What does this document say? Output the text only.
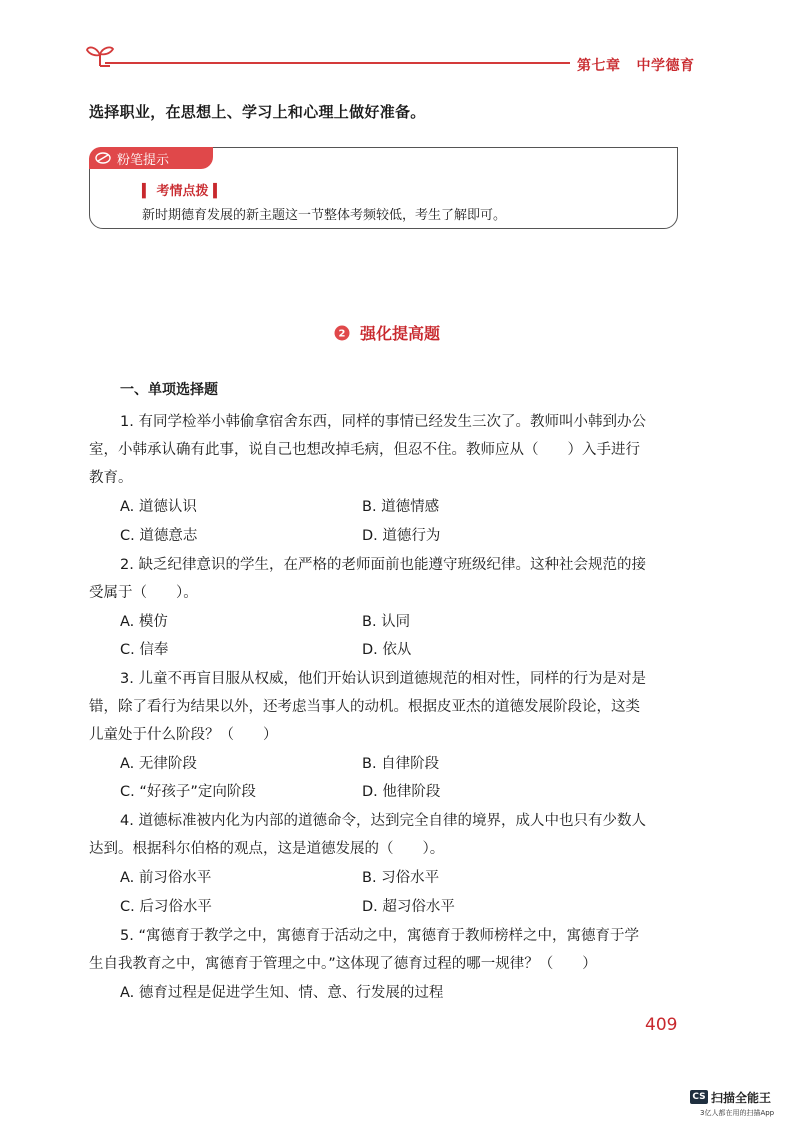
第七章 中学德育
选择职业，在思想上、学习上和心理上做好准备。
粉笔提示
▍ 考情点拨 ▍
新时期德育发展的新主题这一节整体考频较低，考生了解即可。
2 强化提高题
一、单项选择题
1. 有同学检举小韩偷拿宿舍东西，同样的事情已经发生三次了。教师叫小韩到办公
室，小韩承认确有此事，说自己也想改掉毛病，但忍不住。教师应从（　　）入手进行
教育。
A. 道德认识	B. 道德情感
C. 道德意志	D. 道德行为
2. 缺乏纪律意识的学生，在严格的老师面前也能遵守班级纪律。这种社会规范的接
受属于（　　）。
A. 模仿	B. 认同
C. 信奉	D. 依从
3. 儿童不再盲目服从权威，他们开始认识到道德规范的相对性，同样的行为是对是
错，除了看行为结果以外，还考虑当事人的动机。根据皮亚杰的道德发展阶段论，这类
儿童处于什么阶段？（　　）
A. 无律阶段	B. 自律阶段
C. “好孩子”定向阶段	D. 他律阶段
4. 道德标准被内化为内部的道德命令，达到完全自律的境界，成人中也只有少数人
达到。根据科尔伯格的观点，这是道德发展的（　　）。
A. 前习俗水平	B. 习俗水平
C. 后习俗水平	D. 超习俗水平
5. “寓德育于教学之中，寓德育于活动之中，寓德育于教师榜样之中，寓德育于学
生自我教育之中，寓德育于管理之中。”这体现了德育过程的哪一规律？（　　）
A. 德育过程是促进学生知、情、意、行发展的过程
409
CS 扫描全能王
3亿人都在用的扫描App
